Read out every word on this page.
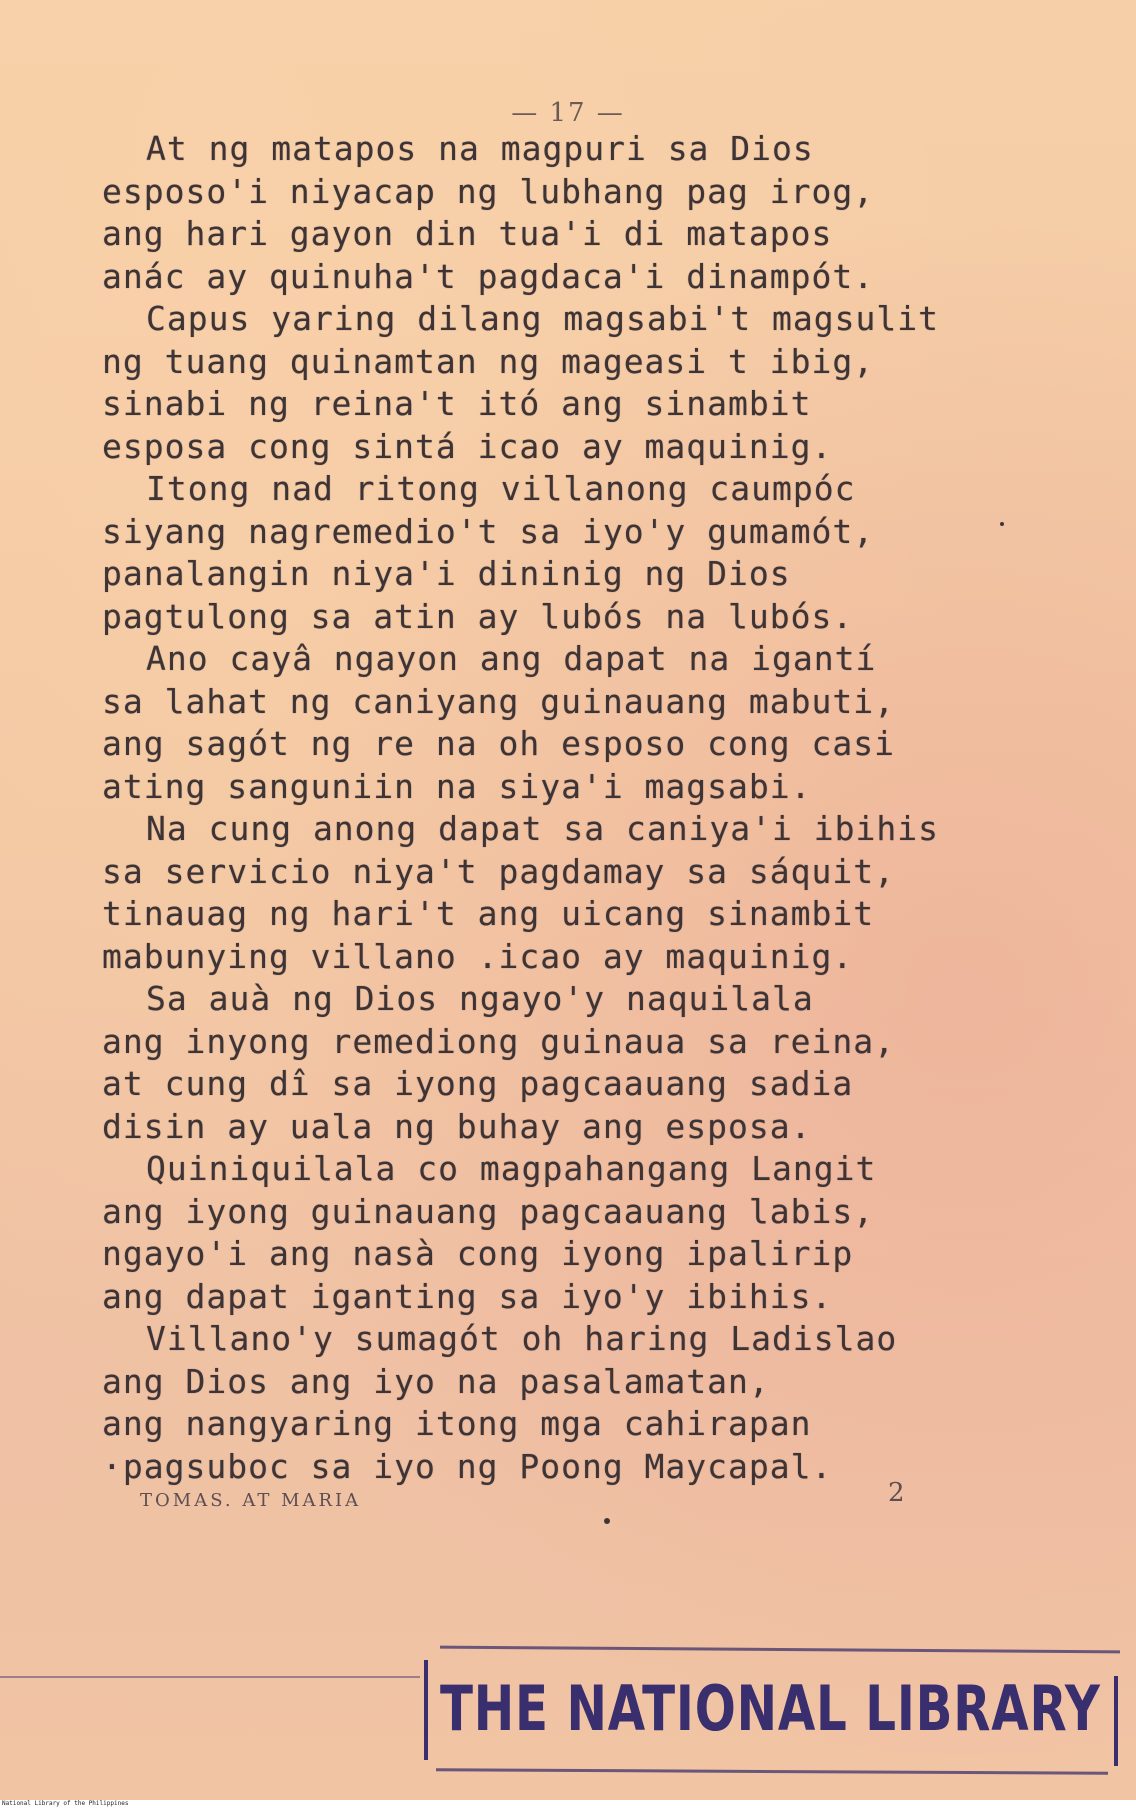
— 17 —
At ng matapos na magpuri sa Dios
esposo'i niyacap ng lubhang pag irog,
ang hari gayon din tua'i di matapos
anác ay quinuha't pagdaca'i dinampót.
Capus yaring dilang magsabi't magsulit
ng tuang quinamtan ng mageasi t ibig,
sinabi ng reina't itó ang sinambit
esposa cong sintá icao ay maquinig.
Itong nad ritong villanong caumpóc
siyang nagremedio't sa iyo'y gumamót,
panalangin niya'i dininig ng Dios
pagtulong sa atin ay lubós na lubós.
Ano cayâ ngayon ang dapat na igantí
sa lahat ng caniyang guinauang mabuti,
ang sagót ng re na oh esposo cong casi
ating sanguniin na siya'i magsabi.
Na cung anong dapat sa caniya'i ibihis
sa servicio niya't pagdamay sa sáquit,
tinauag ng hari't ang uicang sinambit
mabunying villano .icao ay maquinig.
Sa auà ng Dios ngayo'y naquilala
ang inyong remediong guinaua sa reina,
at cung dî sa iyong pagcaauang sadia
disin ay uala ng buhay ang esposa.
Quiniquilala co magpahangang Langit
ang iyong guinauang pagcaauang labis,
ngayo'i ang nasà cong iyong ipalirip
ang dapat iganting sa iyo'y ibihis.
Villano'y sumagót oh haring Ladislao
ang Dios ang iyo na pasalamatan,
ang nangyaring itong mga cahirapan
·pagsuboc sa iyo ng Poong Maycapal.
TOMAS. AT MARIA	2
THE NATIONAL LIBRARY
National Library of the Philippines
